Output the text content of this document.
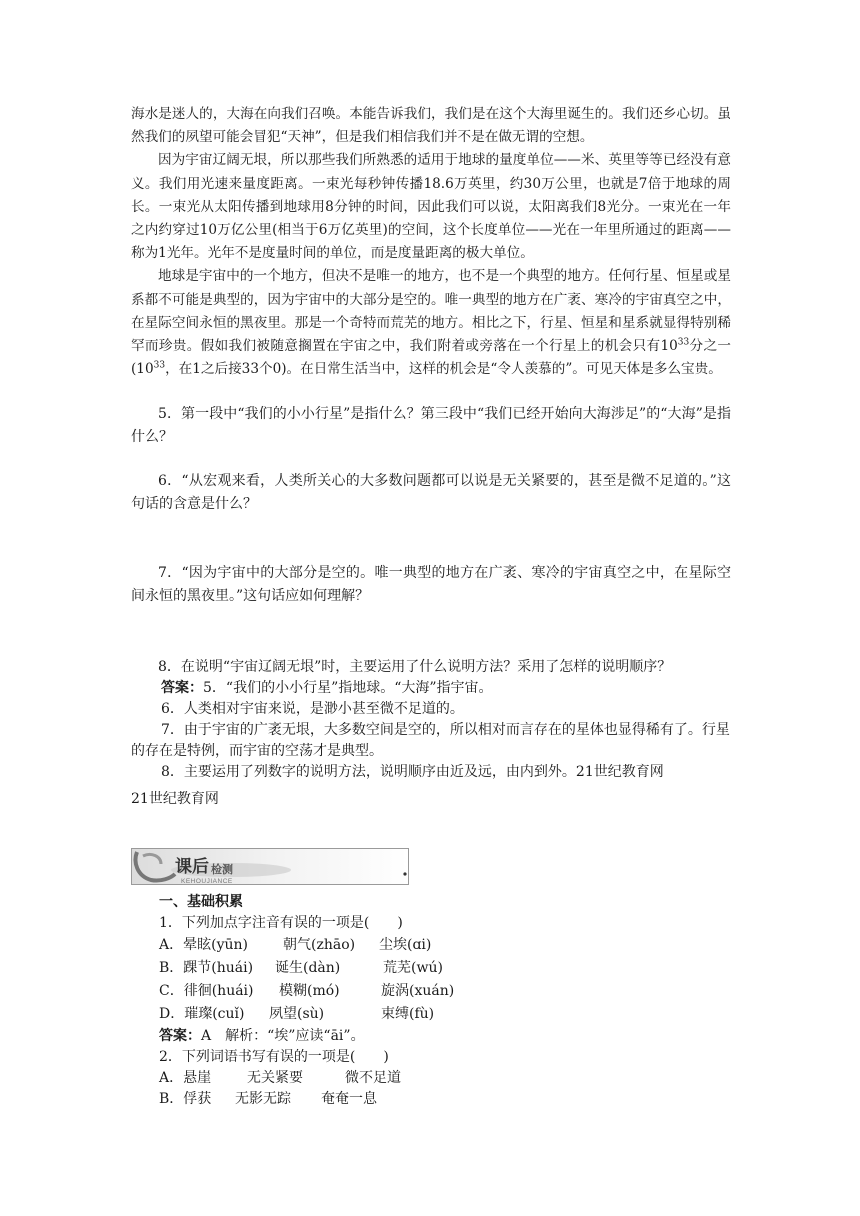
海水是迷人的，大海在向我们召唤。本能告诉我们，我们是在这个大海里诞生的。我们还乡心切。虽然我们的夙望可能会冒犯“天神”，但是我们相信我们并不是在做无谓的空想。

因为宇宙辽阔无垠，所以那些我们所熟悉的适用于地球的量度单位——米、英里等等已经没有意义。我们用光速来量度距离。一束光每秒钟传播18.6万英里，约30万公里，也就是7倍于地球的周长。一束光从太阳传播到地球用8分钟的时间，因此我们可以说，太阳离我们8光分。一束光在一年之内约穿过10万亿公里(相当于6万亿英里)的空间，这个长度单位——光在一年里所通过的距离——称为1光年。光年不是度量时间的单位，而是度量距离的极大单位。

地球是宇宙中的一个地方，但决不是唯一的地方，也不是一个典型的地方。任何行星、恒星或星系都不可能是典型的，因为宇宙中的大部分是空的。唯一典型的地方在广袤、寒冷的宇宙真空之中，在星际空间永恒的黑夜里。那是一个奇特而荒芜的地方。相比之下，行星、恒星和星系就显得特别稀罕而珍贵。假如我们被随意搁置在宇宙之中，我们附着或旁落在一个行星上的机会只有$10^{33}$分之一($10^{33}$，在1之后接33个0)。在日常生活当中，这样的机会是“令人羡慕的”。可见天体是多么宝贵。

5．第一段中“我们的小小行星”是指什么？第三段中“我们已经开始向大海涉足”的“大海”是指什么？

6．“从宏观来看，人类所关心的大多数问题都可以说是无关紧要的，甚至是微不足道的。”这句话的含意是什么？

7．“因为宇宙中的大部分是空的。唯一典型的地方在广袤、寒冷的宇宙真空之中，在星际空间永恒的黑夜里。”这句话应如何理解？

8．在说明“宇宙辽阔无垠”时，主要运用了什么说明方法？采用了怎样的说明顺序？

答案：5．“我们的小小行星”指地球。“大海”指宇宙。

6．人类相对宇宙来说，是渺小甚至微不足道的。

7．由于宇宙的广袤无垠，大多数空间是空的，所以相对而言存在的星体也显得稀有了。行星的存在是特例，而宇宙的空荡才是典型。

8．主要运用了列数字的说明方法，说明顺序由近及远，由内到外。21世纪教育网

21世纪教育网
课后 检测
KEHOUJIANCE

一、基础积累

1．下列加点字注音有误的一项是(　　)

A．晕眩(yūn)	朝气(zhāo)	尘埃(ɑi)
B．踝节(huái)	诞生(dàn)	荒芜(wú)
C．徘徊(huái)	模糊(mó)	旋涡(xuán)
D．璀璨(cuǐ)	夙望(sù)	束缚(fù)

答案：A　解析：“埃”应读“āi”。

2．下列词语书写有误的一项是(　　)

A．悬崖	无关紧要	微不足道
B．俘获	无影无踪	奄奄一息
